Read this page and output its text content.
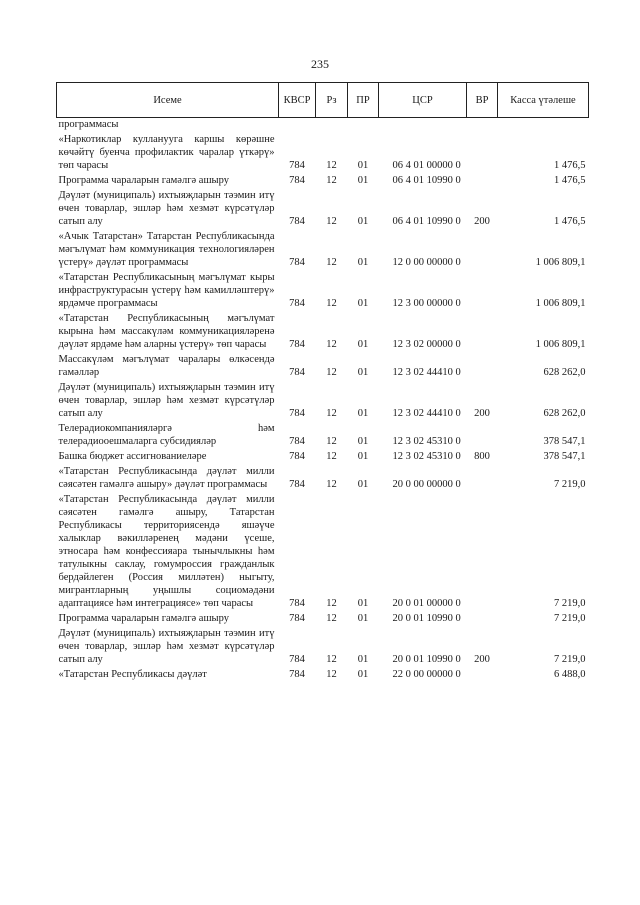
235
Исеме	КВСР	Рз	ПР	ЦСР	ВР	Касса үтәлеше
программасы						
«Наркотиклар кулланууга каршы көрәшне көчәйтү буенча профилактик чаралар үткәрү» төп чарасы	784	12	01	06 4 01 00000 0		1 476,5
Программа чараларын гамәлгә ашыру	784	12	01	06 4 01 10990 0		1 476,5
Дәүләт (муниципаль) ихтыяҗларын тәэмин итү өчен товарлар, эшләр һәм хезмәт күрсәтүләр сатып алу	784	12	01	06 4 01 10990 0	200	1 476,5
«Ачык Татарстан» Татарстан Республикасында мәгълүмат һәм коммуникация технологияләрен үстерү» дәүләт программасы	784	12	01	12 0 00 00000 0		1 006 809,1
«Татарстан Республикасының мәгълүмат кыры инфраструктурасын үстерү һәм камилләштерү» ярдәмче программасы	784	12	01	12 3 00 00000 0		1 006 809,1
«Татарстан Республикасының мәгълүмат кырына һәм массакүләм коммуникацияләренә дәүләт ярдәме һәм аларны үстерү» төп чарасы	784	12	01	12 3 02 00000 0		1 006 809,1
Массакүләм мәгълүмат чаралары өлкәсендә гамәлләр	784	12	01	12 3 02 44410 0		628 262,0
Дәүләт (муниципаль) ихтыяҗларын тәэмин итү өчен товарлар, эшләр һәм хезмәт күрсәтүләр сатып алу	784	12	01	12 3 02 44410 0	200	628 262,0
Телерадиокомпанияләргә һәм телерадиооешмаларга субсидияләр	784	12	01	12 3 02 45310 0		378 547,1
Башка бюджет ассигнованиеләре	784	12	01	12 3 02 45310 0	800	378 547,1
«Татарстан Республикасында дәүләт милли сәясәтен гамәлгә ашыру» дәүләт программасы	784	12	01	20 0 00 00000 0		7 219,0
«Татарстан Республикасында дәүләт милли сәясәтен гамәлгә ашыру, Татарстан Республикасы территориясендә яшәүче халыклар вәкилләренең мәдәни үсеше, этносара һәм конфессияара тынычлыкны һәм татулыкны саклау, гомумроссия гражданлык бердәйлеген (Россия милләтен) ныгыту, мигрантларның уңышлы социомәдәни адаптациясе һәм интеграциясе» төп чарасы	784	12	01	20 0 01 00000 0		7 219,0
Программа чараларын гамәлгә ашыру	784	12	01	20 0 01 10990 0		7 219,0
Дәүләт (муниципаль) ихтыяҗларын тәэмин итү өчен товарлар, эшләр һәм хезмәт күрсәтүләр сатып алу	784	12	01	20 0 01 10990 0	200	7 219,0
«Татарстан Республикасы дәүләт	784	12	01	22 0 00 00000 0		6 488,0
